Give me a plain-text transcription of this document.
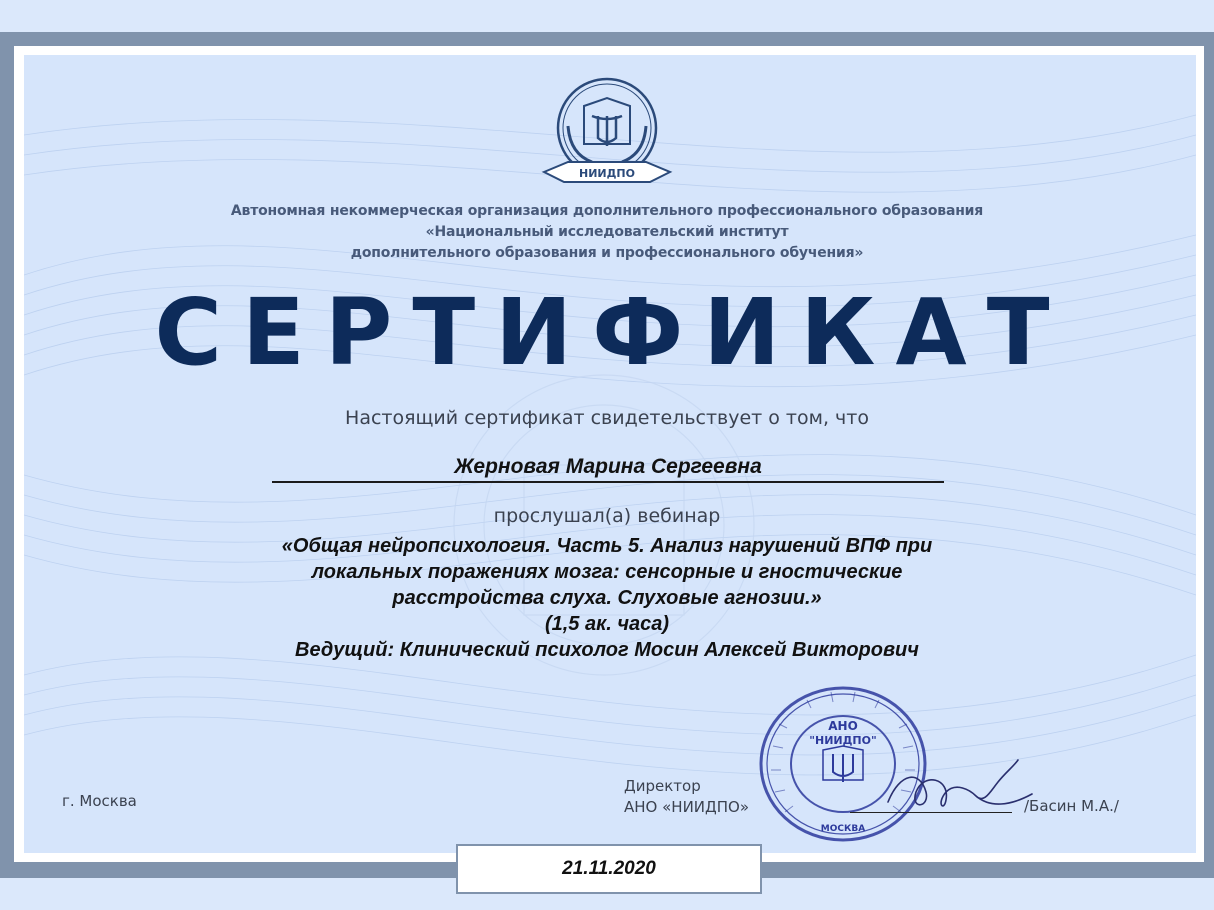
НИИДПО
Автономная некоммерческая организация дополнительного профессионального образования
«Национальный исследовательский институт
дополнительного образования и профессионального обучения»
СЕРТИФИКАТ
Настоящий сертификат свидетельствует о том, что
Жерновая Марина Сергеевна
прослушал(а) вебинар
«Общая нейропсихология. Часть 5. Анализ нарушений ВПФ при
локальных поражениях мозга: сенсорные и гностические
расстройства слуха. Слуховые агнозии.»
(1,5 ак. часа)
Ведущий: Клинический психолог Мосин Алексей Викторович
г. Москва
Директор
АНО «НИИДПО»
АНО
"НИИДПО"
МОСКВА
/Басин М.А./
21.11.2020
